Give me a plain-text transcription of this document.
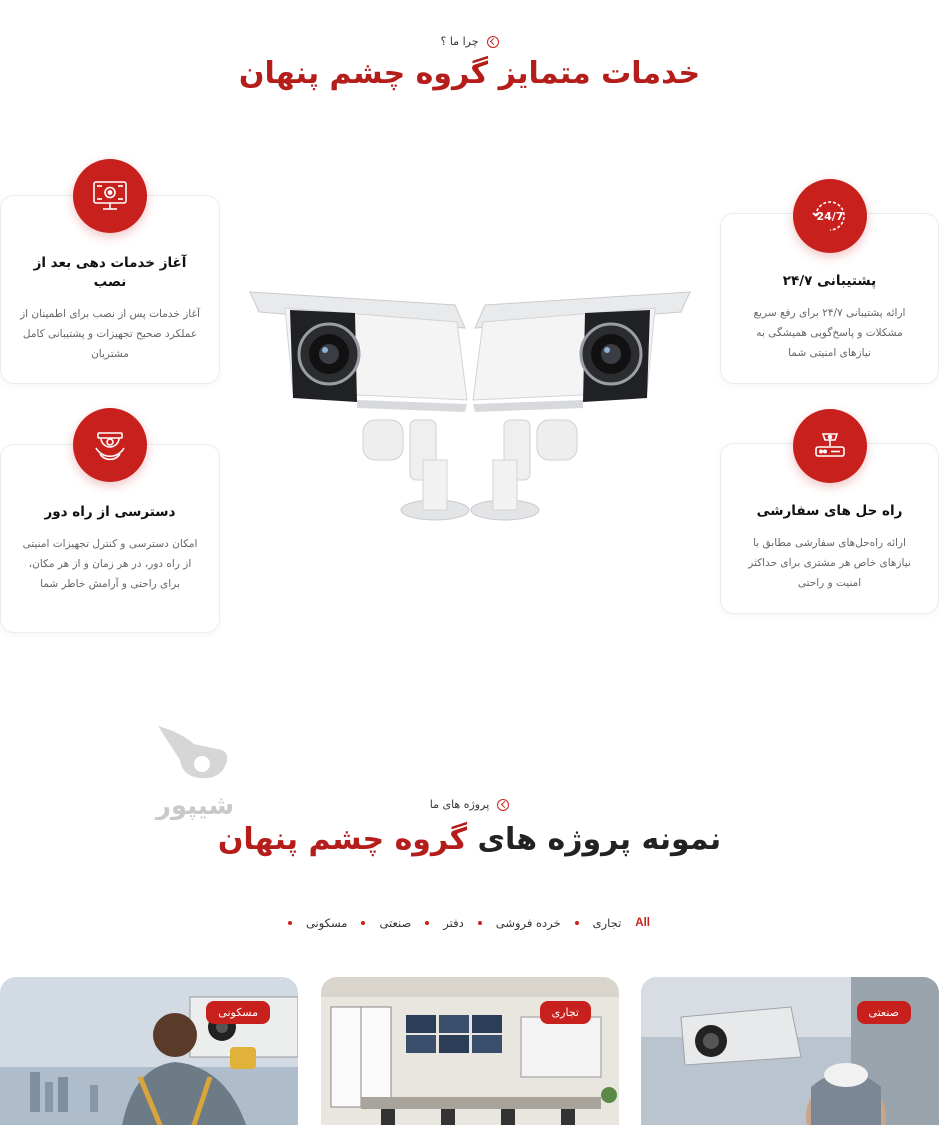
چرا ما ؟
خدمات متمایز گروه چشم پنهان
آغاز خدمات دهی بعد از نصب

آغاز خدمات پس از نصب برای اطمینان از عملکرد صحیح تجهیزات و پشتیبانی کامل مشتریان

24/7
پشتیبانی ۲۴/۷

ارائه پشتیبانی ۲۴/۷ برای رفع سریع مشکلات و پاسخ‌گویی همیشگی به نیازهای امنیتی شما

دسترسی از راه دور

امکان دسترسی و کنترل تجهیزات امنیتی از راه دور، در هر زمان و از هر مکان، برای راحتی و آرامش خاطر شما

راه حل های سفارشی

ارائه راه‌حل‌های سفارشی مطابق با نیازهای خاص هر مشتری برای حداکثر امنیت و راحتی

شیپور	پروژه های ما
نمونه پروژه های گروه چشم پنهان
All
تجاری
خرده فروشی
دفتر
صنعتی
مسکونی
صنعتی
تجاری
مسکونی
